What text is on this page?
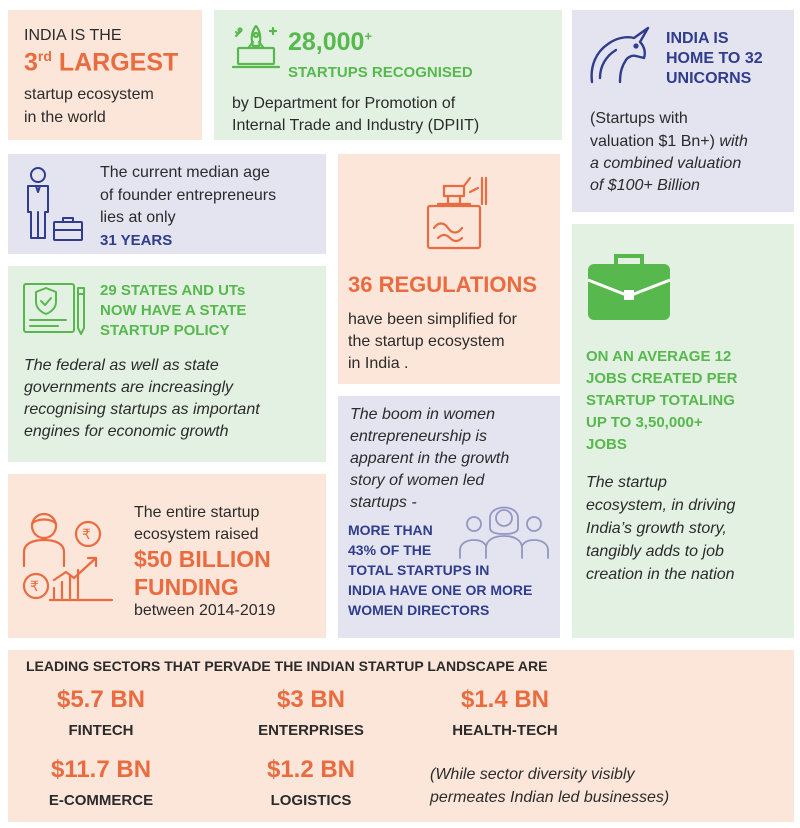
INDIA IS THE
3rd LARGEST
startup ecosystem
in the world
28,000+
STARTUPS RECOGNISED
by Department for Promotion of
Internal Trade and Industry (DPIIT)
INDIA IS
HOME TO 32
UNICORNS
(Startups with
valuation $1 Bn+) with
a combined valuation
of $100+ Billion
The current median age
of founder entrepreneurs
lies at only
31 YEARS
36 REGULATIONS
have been simplified for
the startup ecosystem
in India .
29 STATES AND UTs
NOW HAVE A STATE
STARTUP POLICY
The federal as well as state
governments are increasingly
recognising startups as important
engines for economic growth
ON AN AVERAGE 12
JOBS CREATED PER
STARTUP TOTALING
UP TO 3,50,000+
JOBS
The startup
ecosystem, in driving
India’s growth story,
tangibly adds to job
creation in the nation
The boom in women
entrepreneurship is
apparent in the growth
story of women led
startups -
MORE THAN
43% OF THE
TOTAL STARTUPS IN
INDIA HAVE ONE OR MORE
WOMEN DIRECTORS
₹
₹
The entire startup
ecosystem raised
$50 BILLION
FUNDING
between 2014-2019
LEADING SECTORS THAT PERVADE THE INDIAN STARTUP LANDSCAPE ARE
$5.7 BN
FINTECH
$3 BN
ENTERPRISES
$1.4 BN
HEALTH-TECH
$11.7 BN
E-COMMERCE
$1.2 BN
LOGISTICS
(While sector diversity visibly
permeates Indian led businesses)
